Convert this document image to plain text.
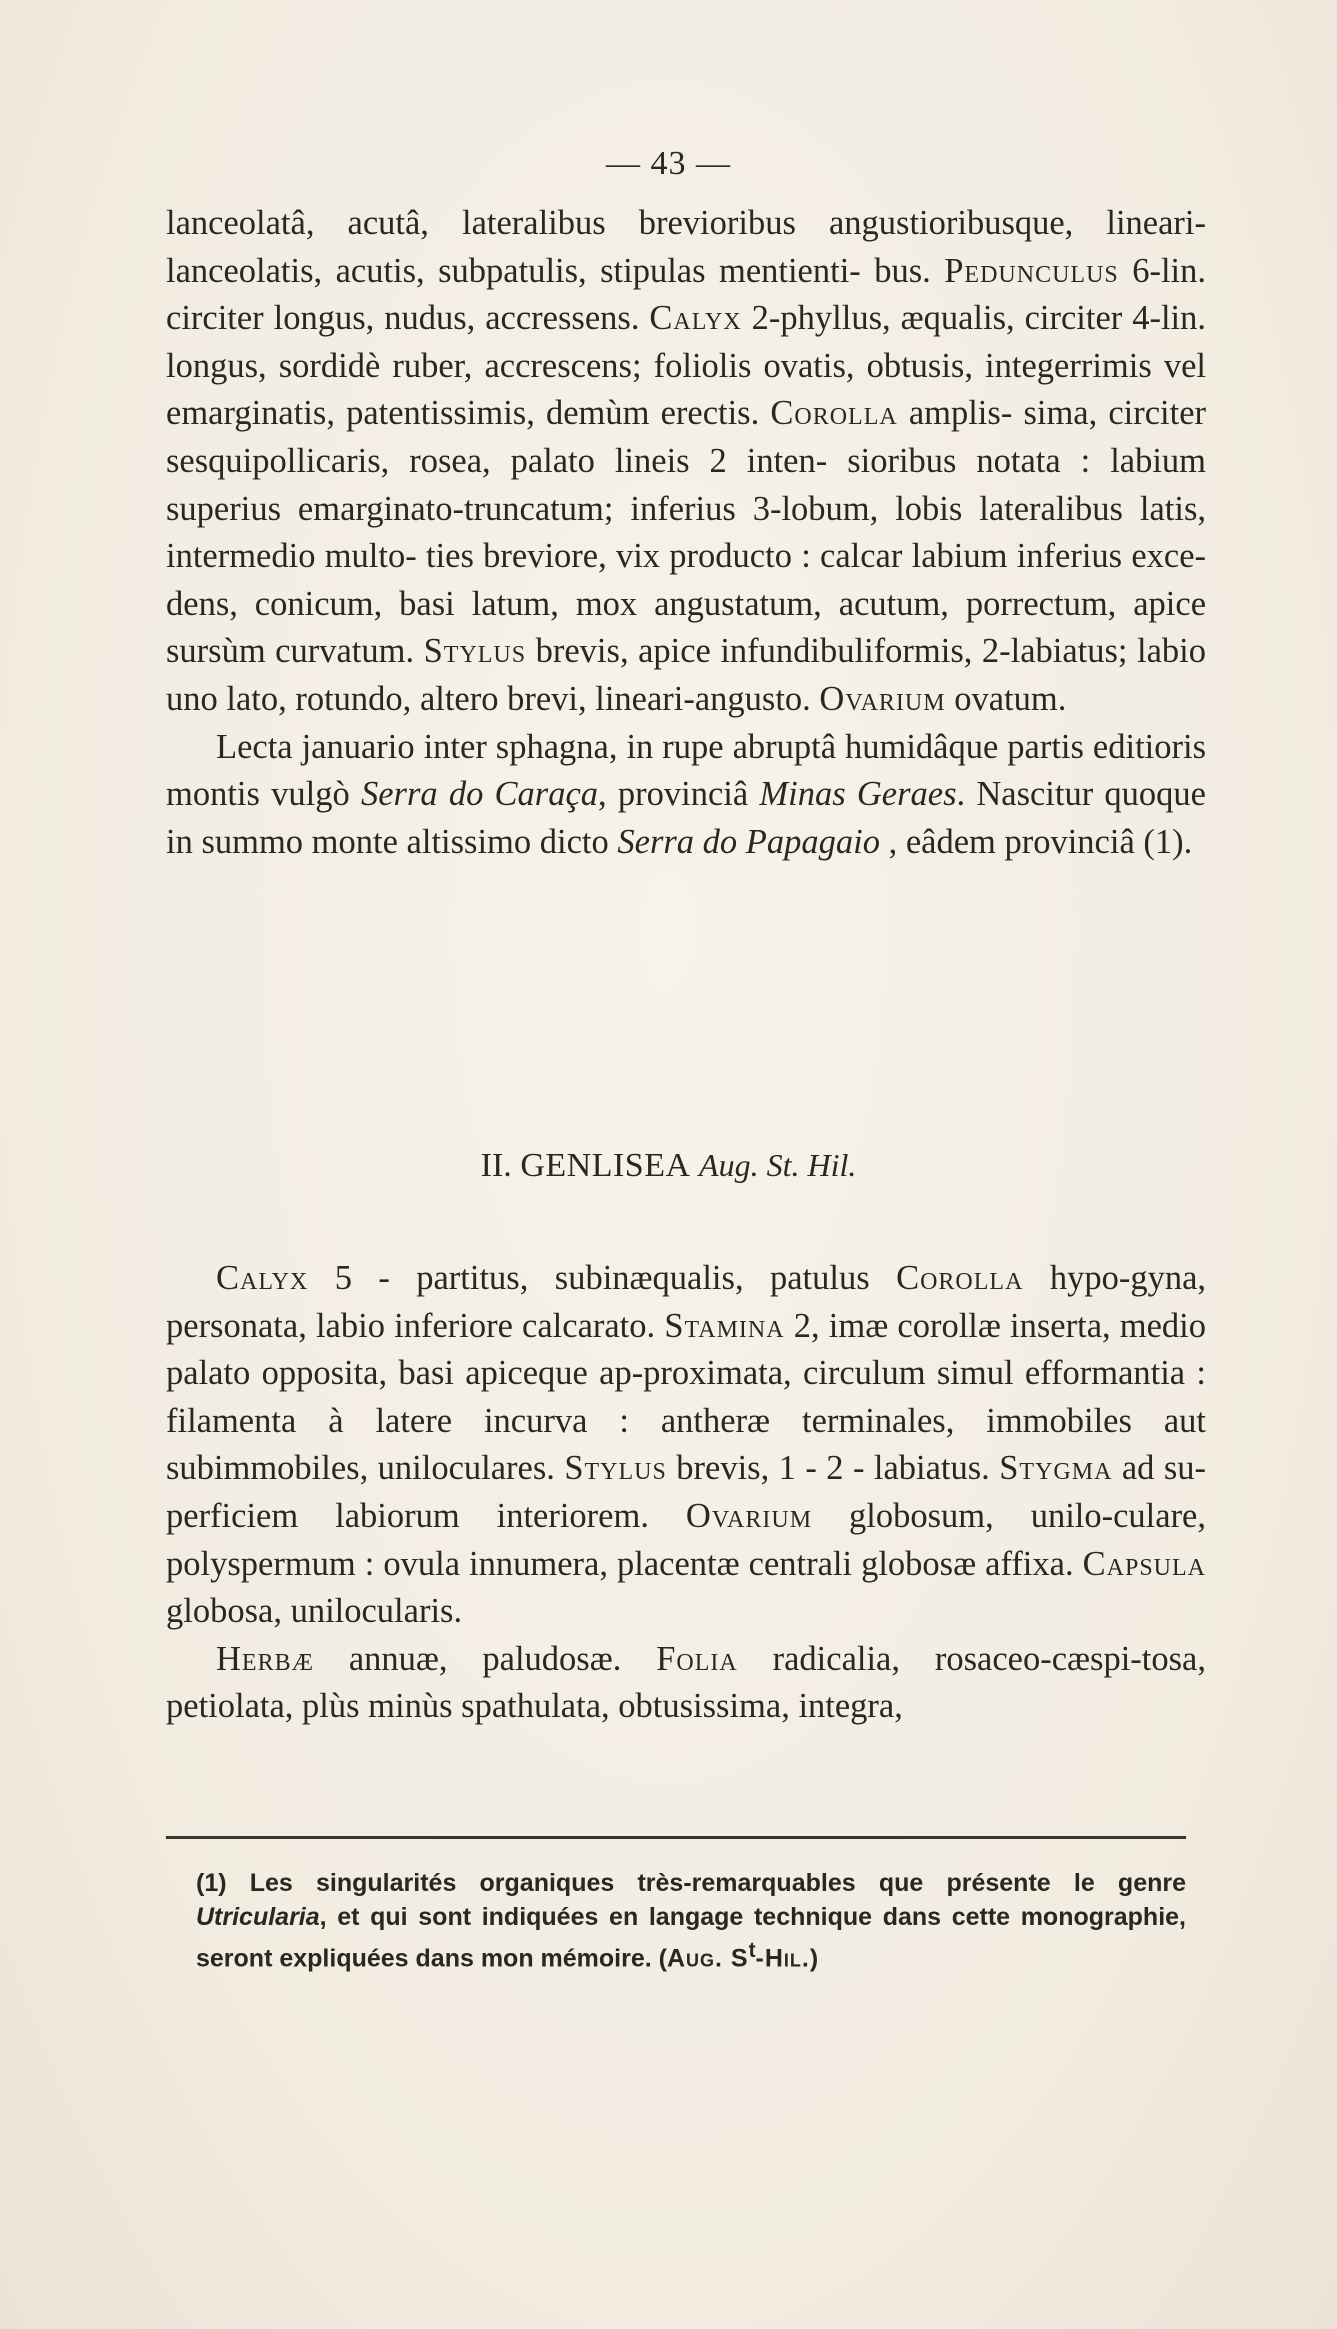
— 43 —

lanceolatâ, acutâ, lateralibus brevioribus angustioribusque, lineari-lanceolatis, acutis, subpatulis, stipulas mentienti- bus. Pedunculus 6-lin. circiter longus, nudus, accressens. Calyx 2-phyllus, æqualis, circiter 4-lin. longus, sordidè ruber, accrescens; foliolis ovatis, obtusis, integerrimis vel emarginatis, patentissimis, demùm erectis. Corolla amplis- sima, circiter sesquipollicaris, rosea, palato lineis 2 inten- sioribus notata : labium superius emarginato-truncatum; inferius 3-lobum, lobis lateralibus latis, intermedio multo- ties breviore, vix producto : calcar labium inferius exce- dens, conicum, basi latum, mox angustatum, acutum, porrectum, apice sursùm curvatum. Stylus brevis, apice infundibuliformis, 2-labiatus; labio uno lato, rotundo, altero brevi, lineari-angusto. Ovarium ovatum.

Lecta januario inter sphagna, in rupe abruptâ humidâque partis editioris montis vulgò Serra do Caraça, provinciâ Minas Geraes. Nascitur quoque in summo monte altissimo dicto Serra do Papagaio , eâdem provinciâ (1).

II. GENLISEA Aug. St. Hil.

Calyx 5 - partitus, subinæqualis, patulus Corolla hypo-gyna, personata, labio inferiore calcarato. Stamina 2, imæ corollæ inserta, medio palato opposita, basi apiceque ap-proximata, circulum simul efformantia : filamenta à latere incurva : antheræ terminales, immobiles aut subimmobiles, uniloculares. Stylus brevis, 1 - 2 - labiatus. Stygma ad su-perficiem labiorum interiorem. Ovarium globosum, unilo-culare, polyspermum : ovula innumera, placentæ centrali globosæ affixa. Capsula globosa, unilocularis.

Herbæ annuæ, paludosæ. Folia radicalia, rosaceo-cæspi-tosa, petiolata, plùs minùs spathulata, obtusissima, integra,

(1) Les singularités organiques très-remarquables que présente le genre Utricularia, et qui sont indiquées en langage technique dans cette monographie, seront expliquées dans mon mémoire. (Aug. $S^t-Hil$.)
